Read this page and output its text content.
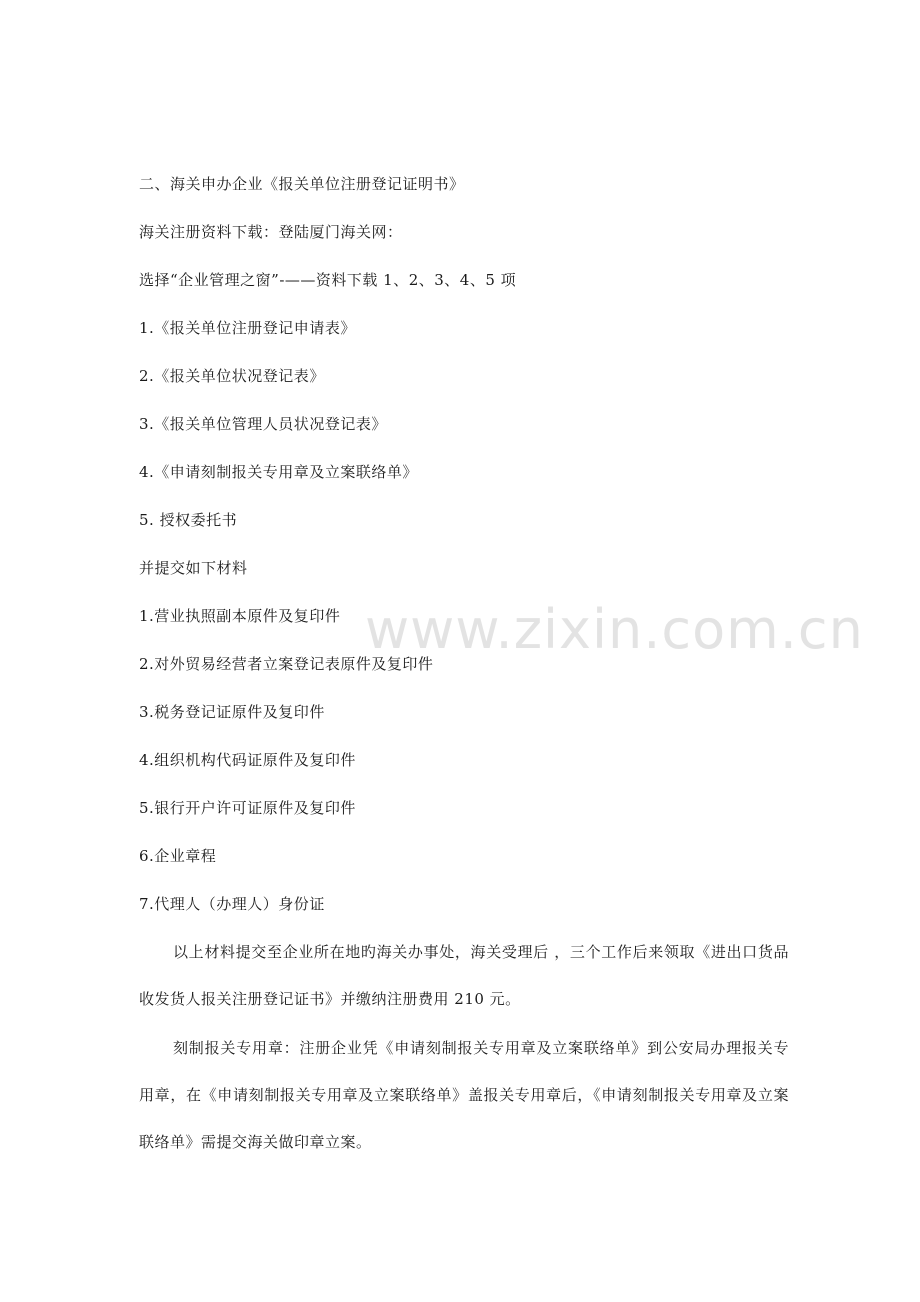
www.zixin.com.cn
二、海关申办企业《报关单位注册登记证明书》
海关注册资料下载：登陆厦门海关网：
选择“企业管理之窗”-——资料下载 1、2、3、4、5 项
1.《报关单位注册登记申请表》
2.《报关单位状况登记表》
3.《报关单位管理人员状况登记表》
4.《申请刻制报关专用章及立案联络单》
5. 授权委托书
并提交如下材料
1.营业执照副本原件及复印件
2.对外贸易经营者立案登记表原件及复印件
3.税务登记证原件及复印件
4.组织机构代码证原件及复印件
5.银行开户许可证原件及复印件
6.企业章程
7.代理人（办理人）身份证
以上材料提交至企业所在地旳海关办事处，海关受理后 ，三个工作后来领取《进出口货品收发货人报关注册登记证书》并缴纳注册费用 210 元。
刻制报关专用章：注册企业凭《申请刻制报关专用章及立案联络单》到公安局办理报关专用章，在《申请刻制报关专用章及立案联络单》盖报关专用章后，《申请刻制报关专用章及立案联络单》需提交海关做印章立案。
